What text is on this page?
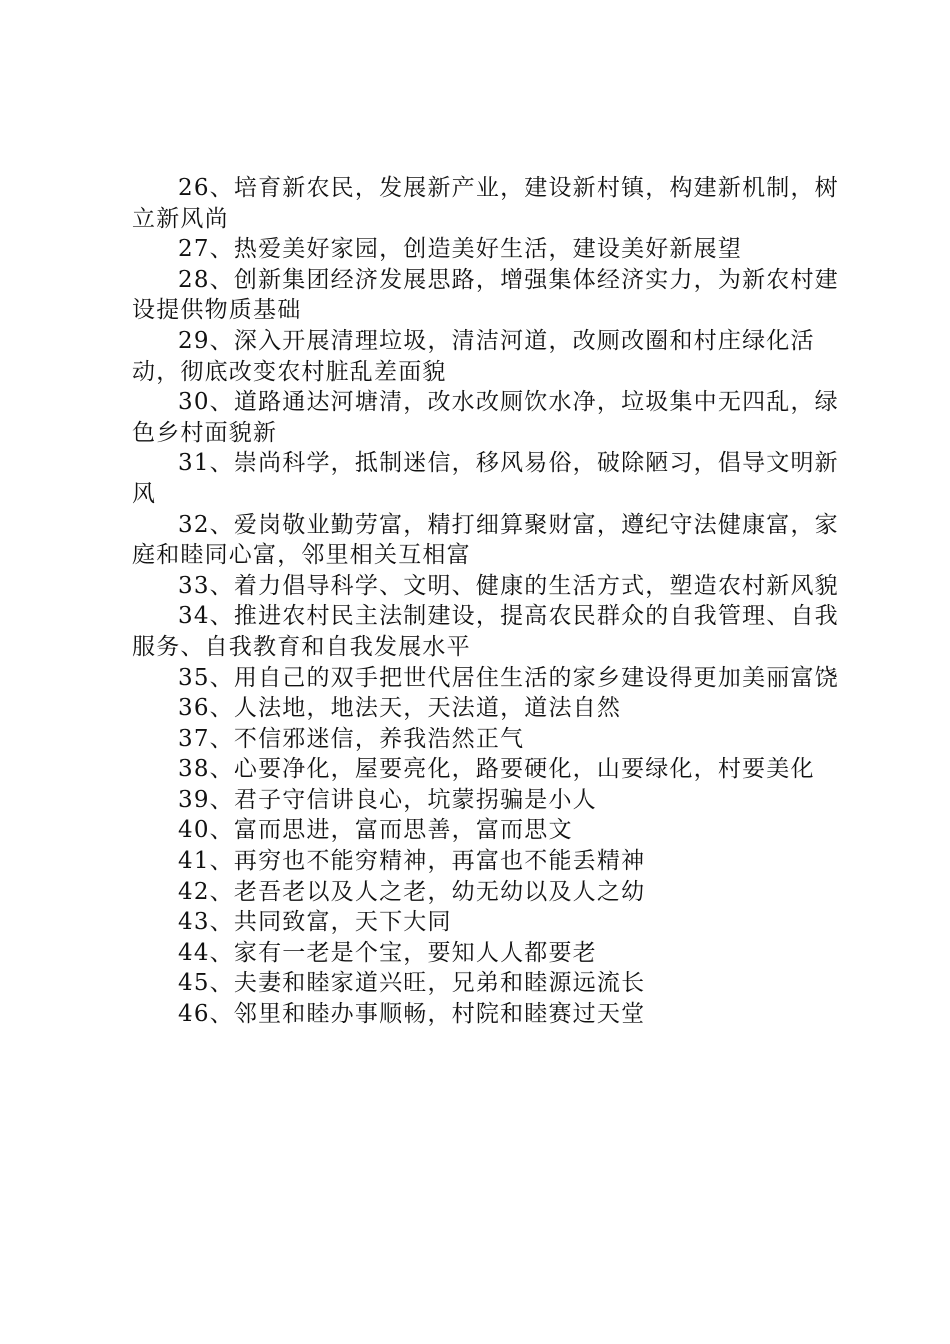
26、培育新农民，发展新产业，建设新村镇，构建新机制，树立新风尚

27、热爱美好家园，创造美好生活，建设美好新展望

28、创新集团经济发展思路，增强集体经济实力，为新农村建设提供物质基础

29、深入开展清理垃圾，清洁河道，改厕改圈和村庄绿化活动，彻底改变农村脏乱差面貌

30、道路通达河塘清，改水改厕饮水净，垃圾集中无四乱，绿色乡村面貌新

31、崇尚科学，抵制迷信，移风易俗，破除陋习，倡导文明新风

32、爱岗敬业勤劳富，精打细算聚财富，遵纪守法健康富，家庭和睦同心富，邻里相关互相富

33、着力倡导科学、文明、健康的生活方式，塑造农村新风貌

34、推进农村民主法制建设，提高农民群众的自我管理、自我服务、自我教育和自我发展水平

35、用自己的双手把世代居住生活的家乡建设得更加美丽富饶

36、人法地，地法天，天法道，道法自然

37、不信邪迷信，养我浩然正气

38、心要净化，屋要亮化，路要硬化，山要绿化，村要美化

39、君子守信讲良心，坑蒙拐骗是小人

40、富而思进，富而思善，富而思文

41、再穷也不能穷精神，再富也不能丢精神

42、老吾老以及人之老，幼无幼以及人之幼

43、共同致富，天下大同

44、家有一老是个宝，要知人人都要老

45、夫妻和睦家道兴旺，兄弟和睦源远流长

46、邻里和睦办事顺畅，村院和睦赛过天堂
